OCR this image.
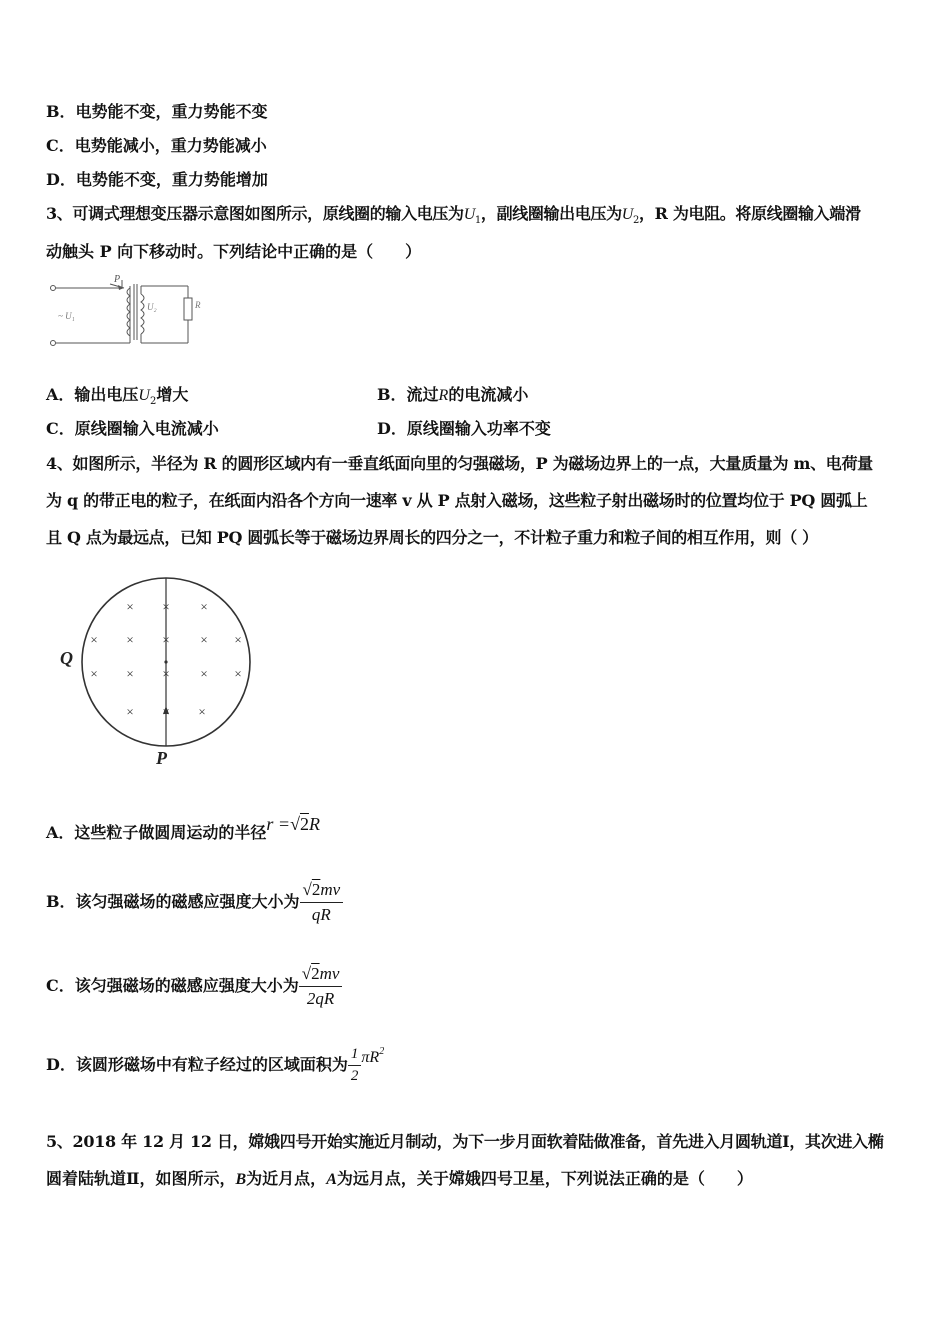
B．电势能不变，重力势能不变
C．电势能减小，重力势能减小
D．电势能不变，重力势能增加
3、可调式理想变压器示意图如图所示，原线圈的输入电压为$U_1$，副线圈输出电压为$U_2$，R 为电阻。将原线圈输入端滑
动触头 P 向下移动时。下列结论中正确的是（　　）
P
~ U₁
U₂	R
A．输出电压$U_2$增大	B．流过R的电流减小
C．原线圈输入电流减小	D．原线圈输入功率不变
4、如图所示，半径为 R 的圆形区域内有一垂直纸面向里的匀强磁场，P 为磁场边界上的一点，大量质量为 m、电荷量
为 q 的带正电的粒子，在纸面内沿各个方向一速率 v 从 P 点射入磁场，这些粒子射出磁场时的位置均位于 PQ 圆弧上
且 Q 点为最远点，已知 PQ 圆弧长等于磁场边界周长的四分之一，不计粒子重力和粒子间的相互作用，则（ ）
× × ×
× × × × ×
× × × × ×
× × ×
Q
P
A．这些粒子做圆周运动的半径r =√2R
B．该匀强磁场的磁感应强度大小为 $\frac{√2mv}{qR}$
C．该匀强磁场的磁感应强度大小为 $\frac{√2mv}{2qR}$
D．该圆形磁场中有粒子经过的区域面积为 $\frac{1}{2} \pi R^2$
5、2018 年 12 月 12 日，嫦娥四号开始实施近月制动，为下一步月面软着陆做准备，首先进入月圆轨道Ⅰ，其次进入椭
圆着陆轨道Ⅱ，如图所示，B为近月点，A为远月点，关于嫦娥四号卫星，下列说法正确的是（　　）
